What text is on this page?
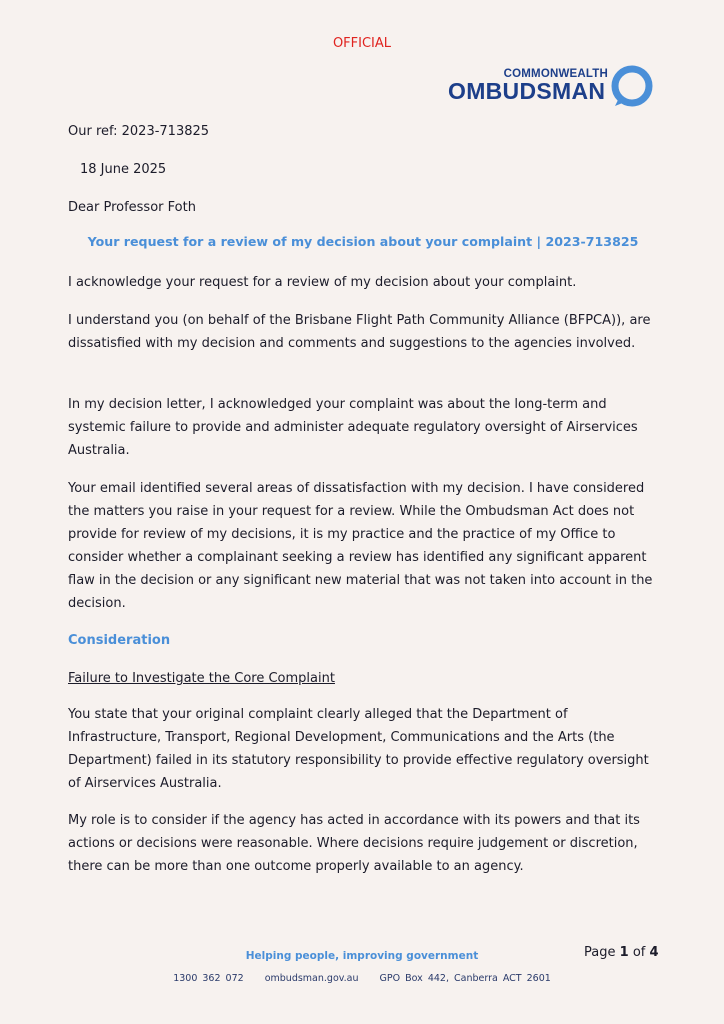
OFFICIAL
COMMONWEALTH
OMBUDSMAN

Our ref: 2023-713825

18 June 2025

Dear Professor Foth

Your request for a review of my decision about your complaint | 2023-713825

I acknowledge your request for a review of my decision about your complaint.

I understand you (on behalf of the Brisbane Flight Path Community Alliance (BFPCA)), are dissatisfied with my decision and comments and suggestions to the agencies involved.

In my decision letter, I acknowledged your complaint was about the long-term and systemic failure to provide and administer adequate regulatory oversight of Airservices Australia.

Your email identified several areas of dissatisfaction with my decision. I have considered the matters you raise in your request for a review. While the Ombudsman Act does not provide for review of my decisions, it is my practice and the practice of my Office to consider whether a complainant seeking a review has identified any significant apparent flaw in the decision or any significant new material that was not taken into account in the decision.

Consideration

Failure to Investigate the Core Complaint

You state that your original complaint clearly alleged that the Department of Infrastructure, Transport, Regional Development, Communications and the Arts (the Department) failed in its statutory responsibility to provide effective regulatory oversight of Airservices Australia.

My role is to consider if the agency has acted in accordance with its powers and that its actions or decisions were reasonable. Where decisions require judgement or discretion, there can be more than one outcome properly available to an agency.

Helping people, improving government	Page 1 of 4
1300 362 072 ombudsman.gov.au GPO Box 442, Canberra ACT 2601
